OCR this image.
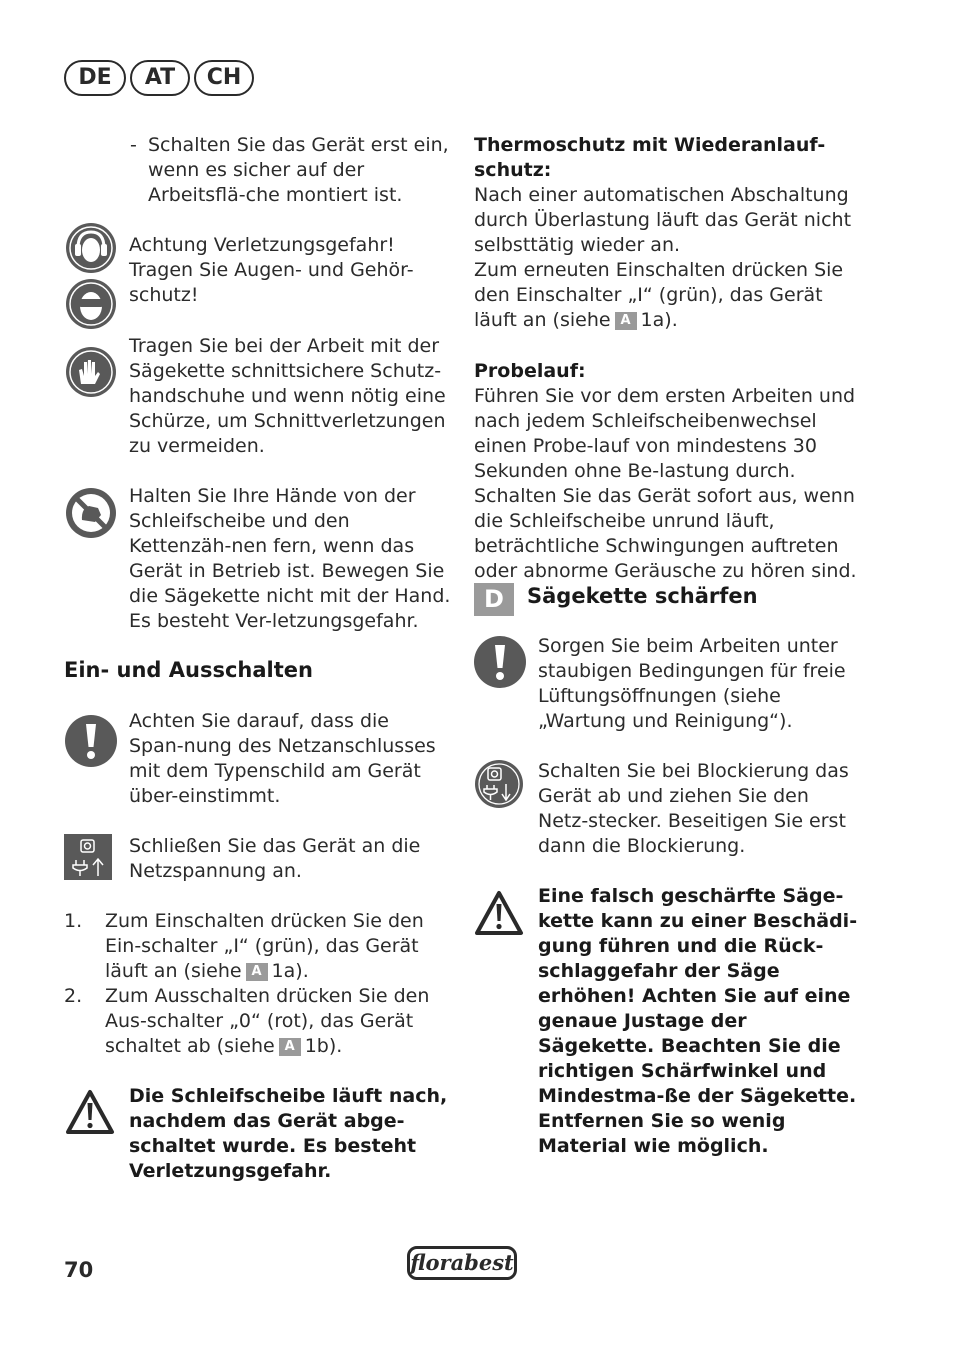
DE	AT	CH
- Schalten Sie das Gerät erst ein, wenn es sicher auf der Arbeitsflä-che montiert ist.

Achtung Verletzungsgefahr! Tragen Sie Augen- und Gehör-schutz!

Tragen Sie bei der Arbeit mit der Sägekette schnittsichere Schutz-handschuhe und wenn nötig eine Schürze, um Schnittverletzungen zu vermeiden.

Halten Sie Ihre Hände von der Schleifscheibe und den Kettenzäh-nen fern, wenn das Gerät in Betrieb ist. Bewegen Sie die Sägekette nicht mit der Hand. Es besteht Ver-letzungsgefahr.

Ein- und Ausschalten

Achten Sie darauf, dass die Span-nung des Netzanschlusses mit dem Typenschild am Gerät über-einstimmt.

Schließen Sie das Gerät an die Netzspannung an.

1. Zum Einschalten drücken Sie den Ein-schalter „I“ (grün), das Gerät läuft an (siehe A 1a).
2. Zum Ausschalten drücken Sie den Aus-schalter „0“ (rot), das Gerät schaltet ab (siehe A 1b).

Die Schleifscheibe läuft nach, nachdem das Gerät abge-schaltet wurde. Es besteht Verletzungsgefahr.

Thermoschutz mit Wiederanlauf-schutz:

Nach einer automatischen Abschaltung durch Überlastung läuft das Gerät nicht selbsttätig wieder an.

Zum erneuten Einschalten drücken Sie den Einschalter „I“ (grün), das Gerät läuft an (siehe A 1a).

Probelauf:

Führen Sie vor dem ersten Arbeiten und nach jedem Schleifscheibenwechsel einen Probe-lauf von mindestens 30 Sekunden ohne Be-lastung durch. Schalten Sie das Gerät sofort aus, wenn die Schleifscheibe unrund läuft, beträchtliche Schwingungen auftreten oder abnorme Geräusche zu hören sind.

D	Sägekette schärfen

Sorgen Sie beim Arbeiten unter staubigen Bedingungen für freie Lüftungsöffnungen (siehe „Wartung und Reinigung“).

Schalten Sie bei Blockierung das Gerät ab und ziehen Sie den Netz-stecker. Beseitigen Sie erst dann die Blockierung.

Eine falsch geschärfte Säge-kette kann zu einer Beschädi-gung führen und die Rück-schlaggefahr der Säge erhöhen! Achten Sie auf eine genaue Justage der Sägekette. Beachten Sie die richtigen Schärfwinkel und Mindestma-ße der Sägekette. Entfernen Sie so wenig Material wie möglich.

70	florabest
